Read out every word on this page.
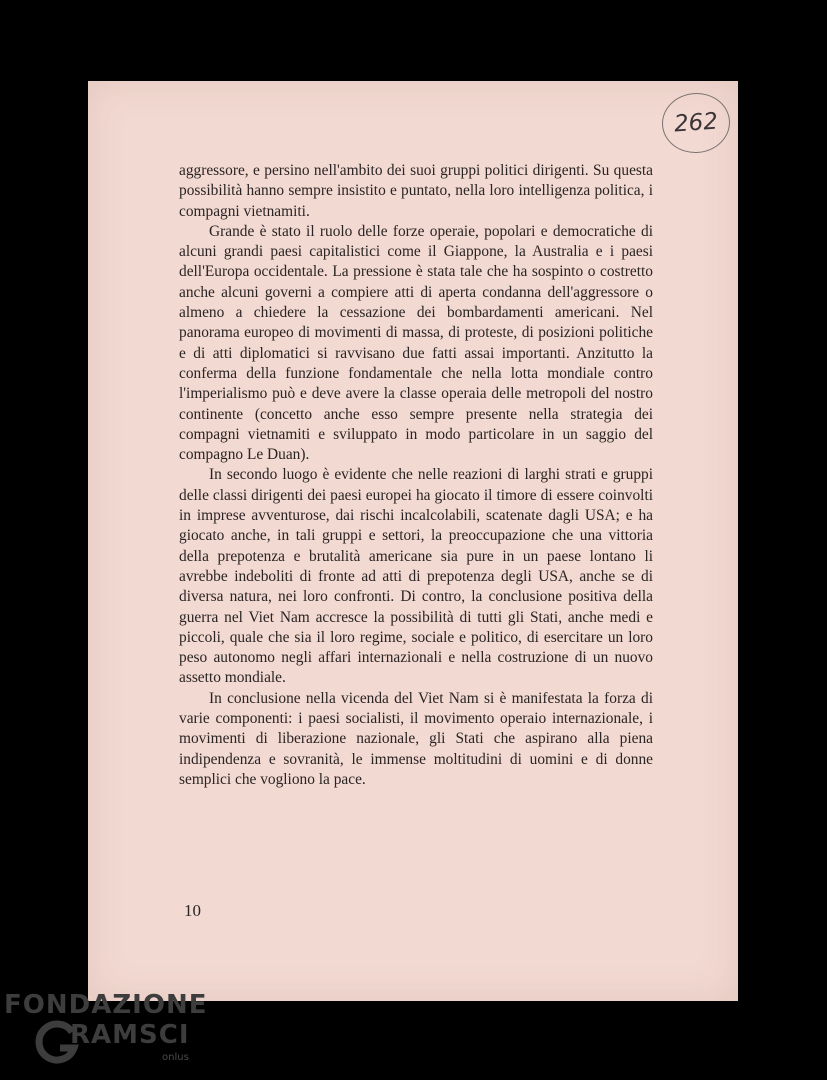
262

aggressore, e persino nell'ambito dei suoi gruppi politici dirigenti. Su questa possibilità hanno sempre insistito e puntato, nella loro intelligenza politica, i compagni vietnamiti.

Grande è stato il ruolo delle forze operaie, popolari e democratiche di alcuni grandi paesi capitalistici come il Giappone, la Australia e i paesi dell'Europa occidentale. La pressione è stata tale che ha sospinto o costretto anche alcuni governi a compiere atti di aperta condanna dell'aggressore o almeno a chiedere la cessazione dei bombardamenti americani. Nel panorama europeo di movimenti di massa, di proteste, di posizioni politiche e di atti diplomatici si ravvisano due fatti assai importanti. Anzitutto la conferma della funzione fondamentale che nella lotta mondiale contro l'imperialismo può e deve avere la classe operaia delle metropoli del nostro continente (concetto anche esso sempre presente nella strategia dei compagni vietnamiti e sviluppato in modo particolare in un saggio del compagno Le Duan).

In secondo luogo è evidente che nelle reazioni di larghi strati e gruppi delle classi dirigenti dei paesi europei ha giocato il timore di essere coinvolti in imprese avventurose, dai rischi incalcolabili, scatenate dagli USA; e ha giocato anche, in tali gruppi e settori, la preoccupazione che una vittoria della prepotenza e brutalità americane sia pure in un paese lontano li avrebbe indeboliti di fronte ad atti di prepotenza degli USA, anche se di diversa natura, nei loro confronti. Di contro, la conclusione positiva della guerra nel Viet Nam accresce la possibilità di tutti gli Stati, anche medi e piccoli, quale che sia il loro regime, sociale e politico, di esercitare un loro peso autonomo negli affari internazionali e nella costruzione di un nuovo assetto mondiale.

In conclusione nella vicenda del Viet Nam si è manifestata la forza di varie componenti: i paesi socialisti, il movimento operaio internazionale, i movimenti di liberazione nazionale, gli Stati che aspirano alla piena indipendenza e sovranità, le immense moltitudini di uomini e di donne semplici che vogliono la pace.

10
FONDAZIONE
RAMSCI
onlus
